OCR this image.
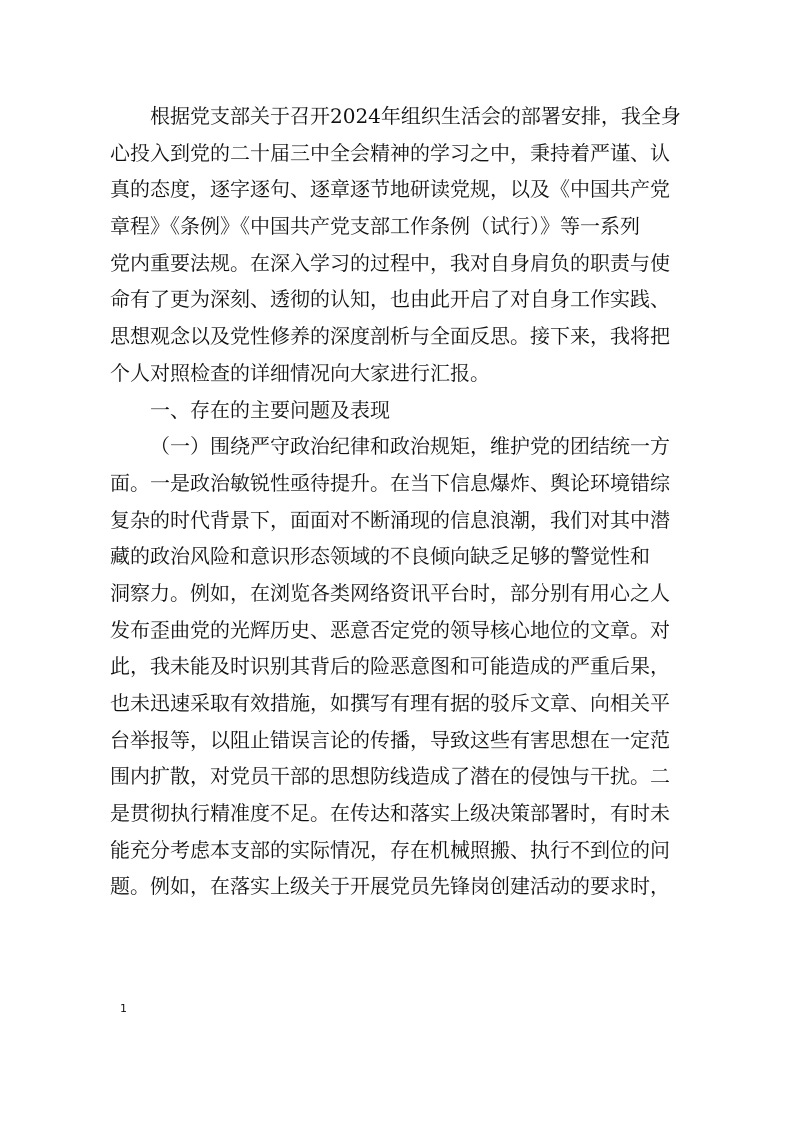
根据党支部关于召开2024年组织生活会的部署安排，我全身
心投入到党的二十届三中全会精神的学习之中，秉持着严谨、认
真的态度，逐字逐句、逐章逐节地研读党规，以及《中国共产党
章程》《条例》《中国共产党支部工作条例（试行）》等一系列
党内重要法规。在深入学习的过程中，我对自身肩负的职责与使
命有了更为深刻、透彻的认知，也由此开启了对自身工作实践、
思想观念以及党性修养的深度剖析与全面反思。接下来，我将把
个人对照检查的详细情况向大家进行汇报。
一、存在的主要问题及表现
（一）围绕严守政治纪律和政治规矩，维护党的团结统一方
面。一是政治敏锐性亟待提升。在当下信息爆炸、舆论环境错综
复杂的时代背景下，面面对不断涌现的信息浪潮，我们对其中潜
藏的政治风险和意识形态领域的不良倾向缺乏足够的警觉性和
洞察力。例如，在浏览各类网络资讯平台时，部分别有用心之人
发布歪曲党的光辉历史、恶意否定党的领导核心地位的文章。对
此，我未能及时识别其背后的险恶意图和可能造成的严重后果，
也未迅速采取有效措施，如撰写有理有据的驳斥文章、向相关平
台举报等，以阻止错误言论的传播，导致这些有害思想在一定范
围内扩散，对党员干部的思想防线造成了潜在的侵蚀与干扰。二
是贯彻执行精准度不足。在传达和落实上级决策部署时，有时未
能充分考虑本支部的实际情况，存在机械照搬、执行不到位的问
题。例如，在落实上级关于开展党员先锋岗创建活动的要求时，
1
